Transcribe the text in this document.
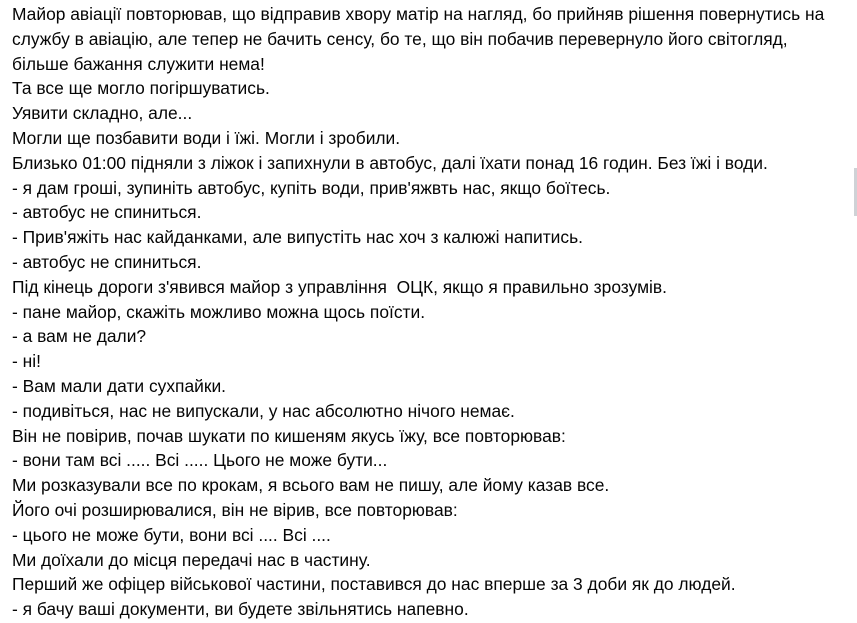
Майор авіації повторював, що відправив хвору матір на нагляд, бо прийняв рішення повернутись на службу в авіацію, але тепер не бачить сенсу, бо те, що він побачив перевернуло його світогляд, більше бажання служити нема!

Та все ще могло погіршуватись.

Уявити складно, але...

Могли ще позбавити води і їжі. Могли і зробили.

Близько 01:00 підняли з ліжок і запихнули в автобус, далі їхати понад 16 годин. Без їжі і води.

- я дам гроші, зупиніть автобус, купіть води, прив'яжвть нас, якщо боїтесь.

- автобус не спиниться.

- Прив'яжіть нас кайданками, але випустіть нас хоч з калюжі напитись.

- автобус не спиниться.

Під кінець дороги з'явився майор з управління  ОЦК, якщо я правильно зрозумів.

- пане майор, скажіть можливо можна щось поїсти.

- а вам не дали?

- ні!

- Вам мали дати сухпайки.

- подивіться, нас не випускали, у нас абсолютно нічого немає.

Він не повірив, почав шукати по кишеням якусь їжу, все повторював:

- вони там всі ..... Всі ..... Цього не може бути...

Ми розказували все по крокам, я всього вам не пишу, але йому казав все.

Його очі розширювалися, він не вірив, все повторював:

- цього не може бути, вони всі .... Всі ....

Ми доїхали до місця передачі нас в частину.

Перший же офіцер військової частини, поставився до нас вперше за 3 доби як до людей.

- я бачу ваші документи, ви будете звільнятись напевно.
